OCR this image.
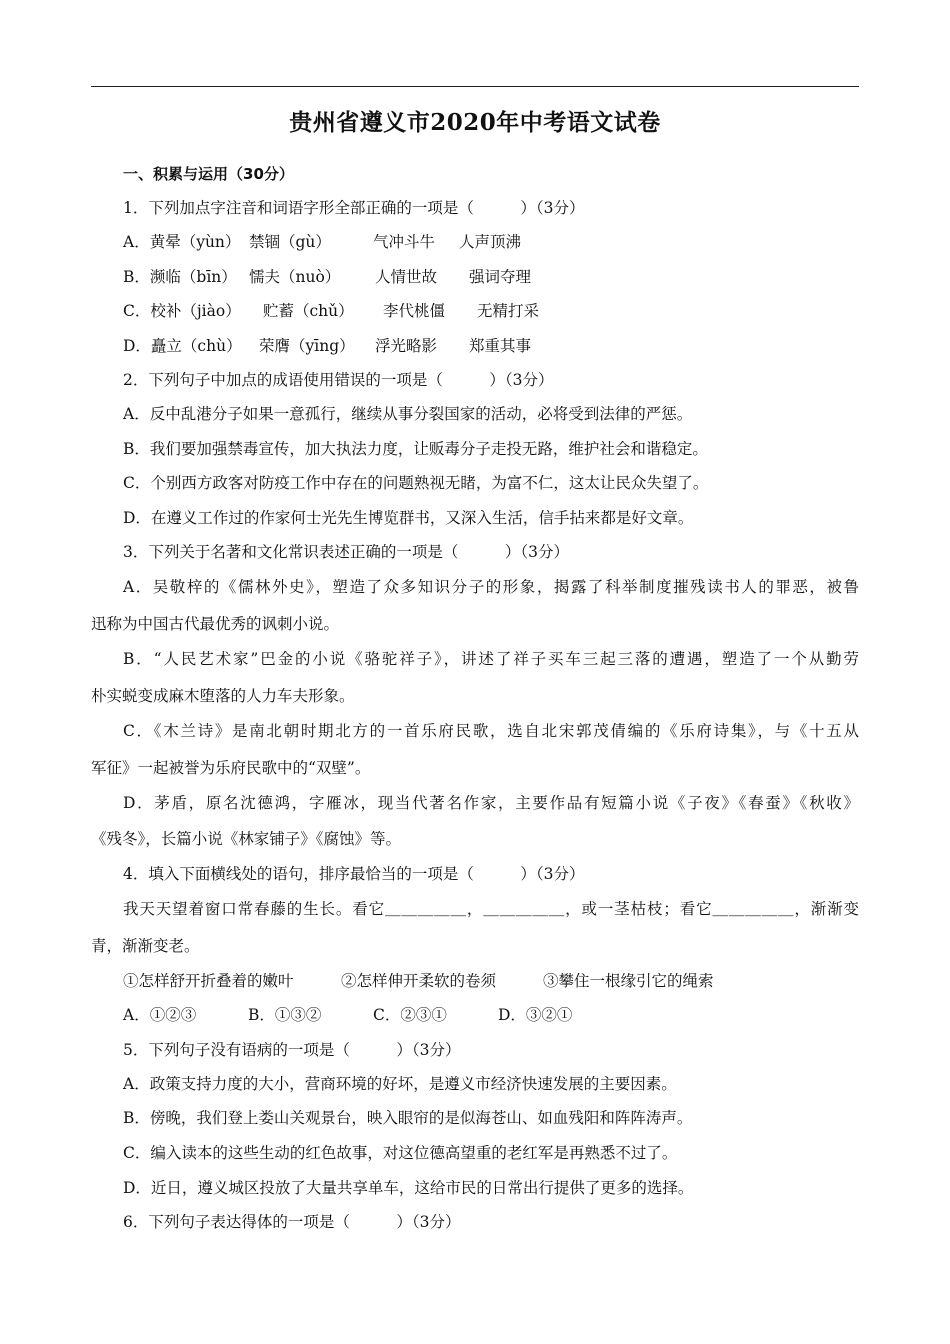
贵州省遵义市2020年中考语文试卷
一、积累与运用（30分）
1．下列加点字注音和词语字形全部正确的一项是（　　　）（3分）
A．黄晕（yùn） 禁锢（gù）	气冲斗牛 人声顶沸
B．濒临（bīn） 懦夫（nuò） 人情世故 强词夺理
C．校补（jiào） 贮蓄（chǔ） 李代桃僵 无精打采
D．矗立（chù） 荣膺（yīng） 浮光略影 郑重其事
2．下列句子中加点的成语使用错误的一项是（　　　）（3分）
A．反中乱港分子如果一意孤行，继续从事分裂国家的活动，必将受到法律的严惩。
B．我们要加强禁毒宣传，加大执法力度，让贩毒分子走投无路，维护社会和谐稳定。
C．个别西方政客对防疫工作中存在的问题熟视无睹，为富不仁，这太让民众失望了。
D．在遵义工作过的作家何士光先生博览群书，又深入生活，信手拈来都是好文章。
3．下列关于名著和文化常识表述正确的一项是（　　　）（3分）
A．吴敬梓的《儒林外史》，塑造了众多知识分子的形象，揭露了科举制度摧残读书人的罪恶，被鲁
迅称为中国古代最优秀的讽刺小说。
B．“人民艺术家”巴金的小说《骆驼祥子》，讲述了祥子买车三起三落的遭遇，塑造了一个从勤劳
朴实蜕变成麻木堕落的人力车夫形象。
C．《木兰诗》是南北朝时期北方的一首乐府民歌，选自北宋郭茂倩编的《乐府诗集》，与《十五从
军征》一起被誉为乐府民歌中的“双壁”。
D．茅盾，原名沈德鸿，字雁冰，现当代著名作家，主要作品有短篇小说《子夜》《春蚕》《秋收》
《残冬》，长篇小说《林家铺子》《腐蚀》等。
4．填入下面横线处的语句，排序最恰当的一项是（　　　）（3分）
我天天望着窗口常春藤的生长。看它＿＿＿＿＿，＿＿＿＿＿，或一茎枯枝；看它＿＿＿＿＿，渐渐变
青，渐渐变老。
①怎样舒开折叠着的嫩叶	②怎样伸开柔软的卷须	③攀住一根缘引它的绳索
A．①②③	B．①③②	C．②③①	D．③②①
5．下列句子没有语病的一项是（　　　）（3分）
A．政策支持力度的大小，营商环境的好坏，是遵义市经济快速发展的主要因素。
B．傍晚，我们登上娄山关观景台，映入眼帘的是似海苍山、如血残阳和阵阵涛声。
C．编入读本的这些生动的红色故事，对这位德高望重的老红军是再熟悉不过了。
D．近日，遵义城区投放了大量共享单车，这给市民的日常出行提供了更多的选择。
6．下列句子表达得体的一项是（　　　）（3分）
